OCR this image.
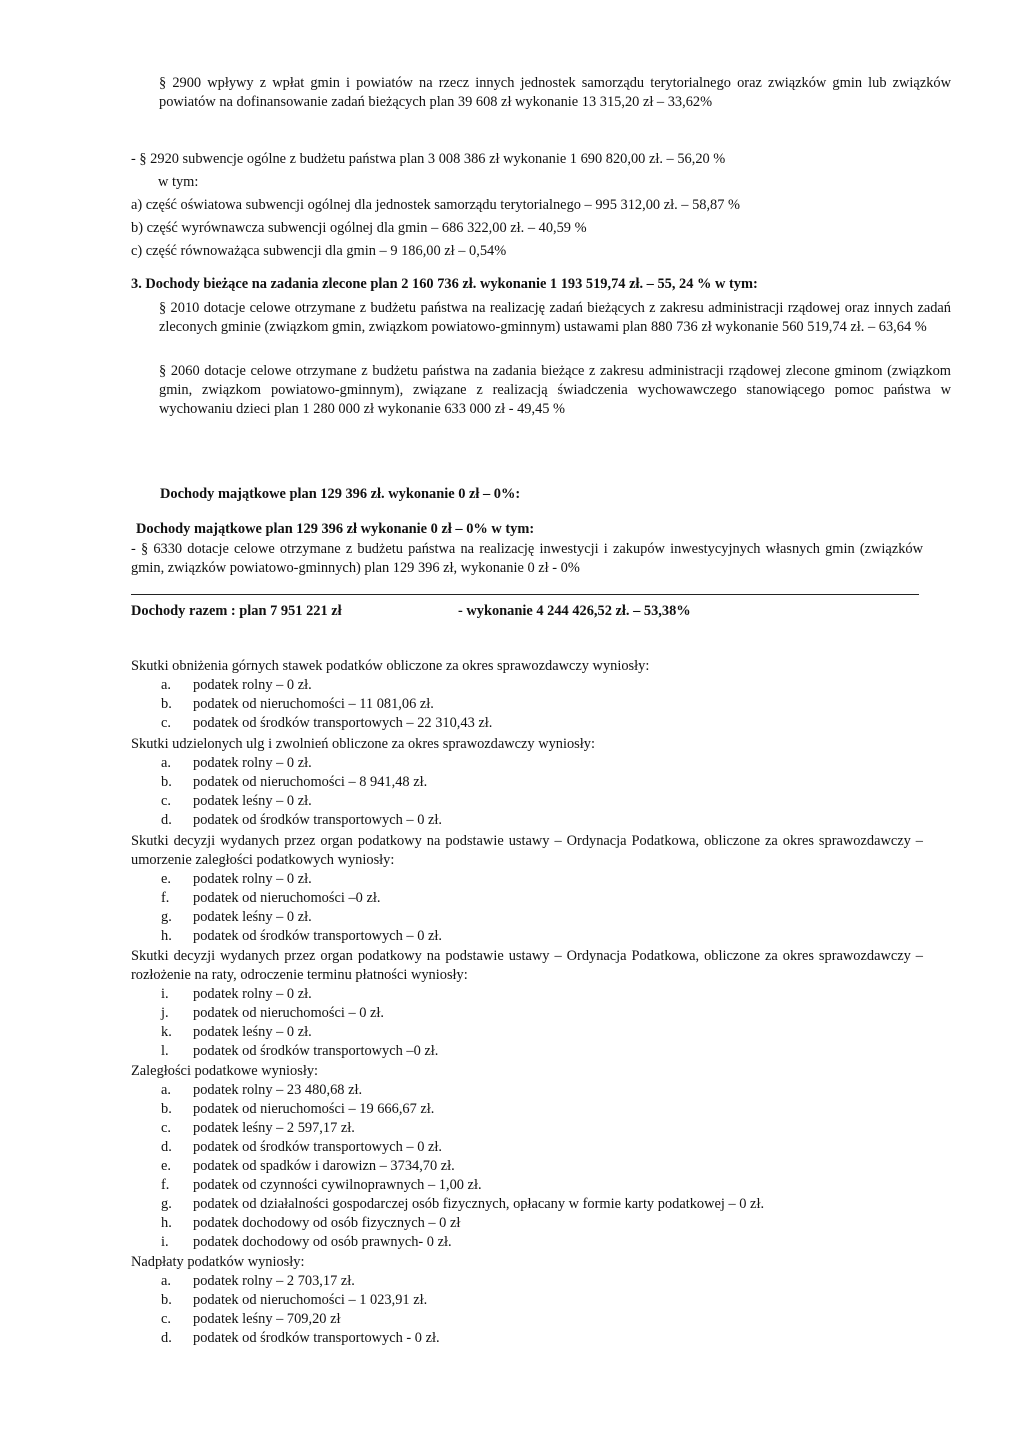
§ 2900 wpływy z wpłat gmin i powiatów na rzecz innych jednostek samorządu terytorialnego oraz związków gmin lub związków powiatów na dofinansowanie zadań bieżących plan 39 608 zł wykonanie 13 315,20 zł – 33,62%

- § 2920 subwencje ogólne z budżetu państwa plan 3 008 386 zł wykonanie 1 690 820,00 zł. – 56,20 %

w tym:

a) część oświatowa subwencji ogólnej dla jednostek samorządu terytorialnego – 995 312,00 zł. – 58,87 %

b) część wyrównawcza subwencji ogólnej dla gmin – 686 322,00 zł. – 40,59 %

c) część równoważąca subwencji dla gmin – 9 186,00 zł – 0,54%

3. Dochody bieżące na zadania zlecone plan 2 160 736 zł. wykonanie 1 193 519,74 zł. – 55, 24 % w tym:

§ 2010 dotacje celowe otrzymane z budżetu państwa na realizację zadań bieżących z zakresu administracji rządowej oraz innych zadań zleconych gminie (związkom gmin, związkom powiatowo-gminnym) ustawami plan 880 736 zł wykonanie 560 519,74 zł. – 63,64 %

§ 2060 dotacje celowe otrzymane z budżetu państwa na zadania bieżące z zakresu administracji rządowej zlecone gminom (związkom gmin, związkom powiatowo-gminnym), związane z realizacją świadczenia wychowawczego stanowiącego pomoc państwa w wychowaniu dzieci plan 1 280 000 zł wykonanie 633 000 zł - 49,45 %

Dochody majątkowe plan 129 396 zł. wykonanie 0 zł – 0%:

Dochody majątkowe plan 129 396 zł wykonanie 0 zł – 0% w tym:

- § 6330 dotacje celowe otrzymane z budżetu państwa na realizację inwestycji i zakupów inwestycyjnych własnych gmin (związków gmin, związków powiatowo-gminnych) plan 129 396 zł, wykonanie 0 zł - 0%

Dochody razem : plan 7 951 221 zł	- wykonanie 4 244 426,52 zł. – 53,38%

Skutki obniżenia górnych stawek podatków obliczone za okres sprawozdawczy wyniosły:

a. podatek rolny – 0 zł.
b. podatek od nieruchomości – 11 081,06 zł.
c. podatek od środków transportowych – 22 310,43 zł.

Skutki udzielonych ulg i zwolnień obliczone za okres sprawozdawczy wyniosły:

a. podatek rolny – 0 zł.
b. podatek od nieruchomości – 8 941,48 zł.
c. podatek leśny – 0 zł.
d. podatek od środków transportowych – 0 zł.

Skutki decyzji wydanych przez organ podatkowy na podstawie ustawy – Ordynacja Podatkowa, obliczone za okres sprawozdawczy – umorzenie zaległości podatkowych wyniosły:

e. podatek rolny – 0 zł.
f. podatek od nieruchomości –0 zł.
g. podatek leśny – 0 zł.
h. podatek od środków transportowych – 0 zł.

Skutki decyzji wydanych przez organ podatkowy na podstawie ustawy – Ordynacja Podatkowa, obliczone za okres sprawozdawczy – rozłożenie na raty, odroczenie terminu płatności wyniosły:

i. podatek rolny – 0 zł.
j. podatek od nieruchomości – 0 zł.
k. podatek leśny – 0 zł.
l. podatek od środków transportowych –0 zł.

Zaległości podatkowe wyniosły:

a. podatek rolny – 23 480,68 zł.
b. podatek od nieruchomości – 19 666,67 zł.
c. podatek leśny – 2 597,17 zł.
d. podatek od środków transportowych – 0 zł.
e. podatek od spadków i darowizn – 3734,70 zł.
f. podatek od czynności cywilnoprawnych – 1,00 zł.
g. podatek od działalności gospodarczej osób fizycznych, opłacany w formie karty podatkowej – 0 zł.
h. podatek dochodowy od osób fizycznych – 0 zł
i. podatek dochodowy od osób prawnych- 0 zł.

Nadpłaty podatków wyniosły:

a. podatek rolny – 2 703,17 zł.
b. podatek od nieruchomości – 1 023,91 zł.
c. podatek leśny – 709,20 zł
d. podatek od środków transportowych - 0 zł.
